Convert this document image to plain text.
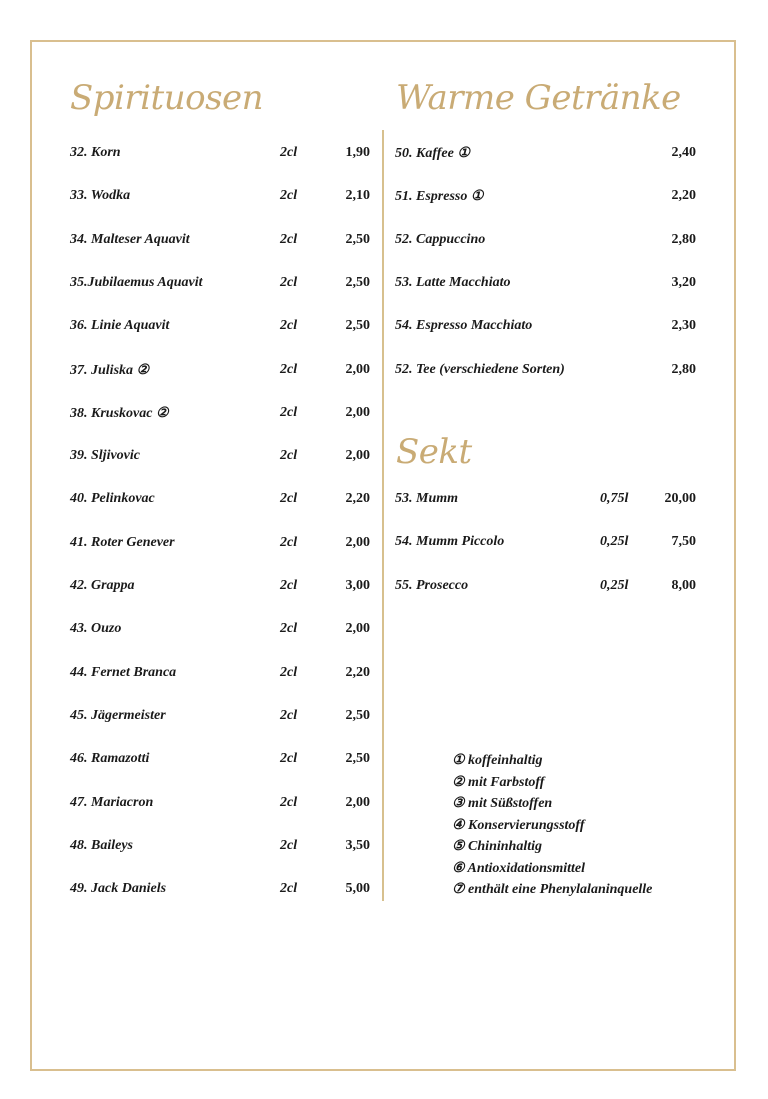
Spirituosen	Warme Getränke
Sekt
32. Korn	2cl	1,90
33. Wodka	2cl	2,10
34. Malteser Aquavit	2cl	2,50
35.Jubilaemus Aquavit	2cl	2,50
36. Linie Aquavit	2cl	2,50
37. Juliska ②	2cl	2,00
38. Kruskovac ②	2cl	2,00
39. Sljivovic	2cl	2,00
40. Pelinkovac	2cl	2,20
41. Roter Genever	2cl	2,00
42. Grappa	2cl	3,00
43. Ouzo	2cl	2,00
44. Fernet Branca	2cl	2,20
45. Jägermeister	2cl	2,50
46. Ramazotti	2cl	2,50
47. Mariacron	2cl	2,00
48. Baileys	2cl	3,50
49. Jack Daniels	2cl	5,00
50. Kaffee ①	2,40
51. Espresso ①	2,20
52. Cappuccino	2,80
53. Latte Macchiato	3,20
54. Espresso Macchiato	2,30
52. Tee (verschiedene Sorten)	2,80
53. Mumm	0,75l	20,00
54. Mumm Piccolo	0,25l	7,50
55. Prosecco	0,25l	8,00
① koffeinhaltig
② mit Farbstoff
③ mit Süßstoffen
④ Konservierungsstoff
⑤ Chininhaltig
⑥ Antioxidationsmittel
⑦ enthält eine Phenylalaninquelle
